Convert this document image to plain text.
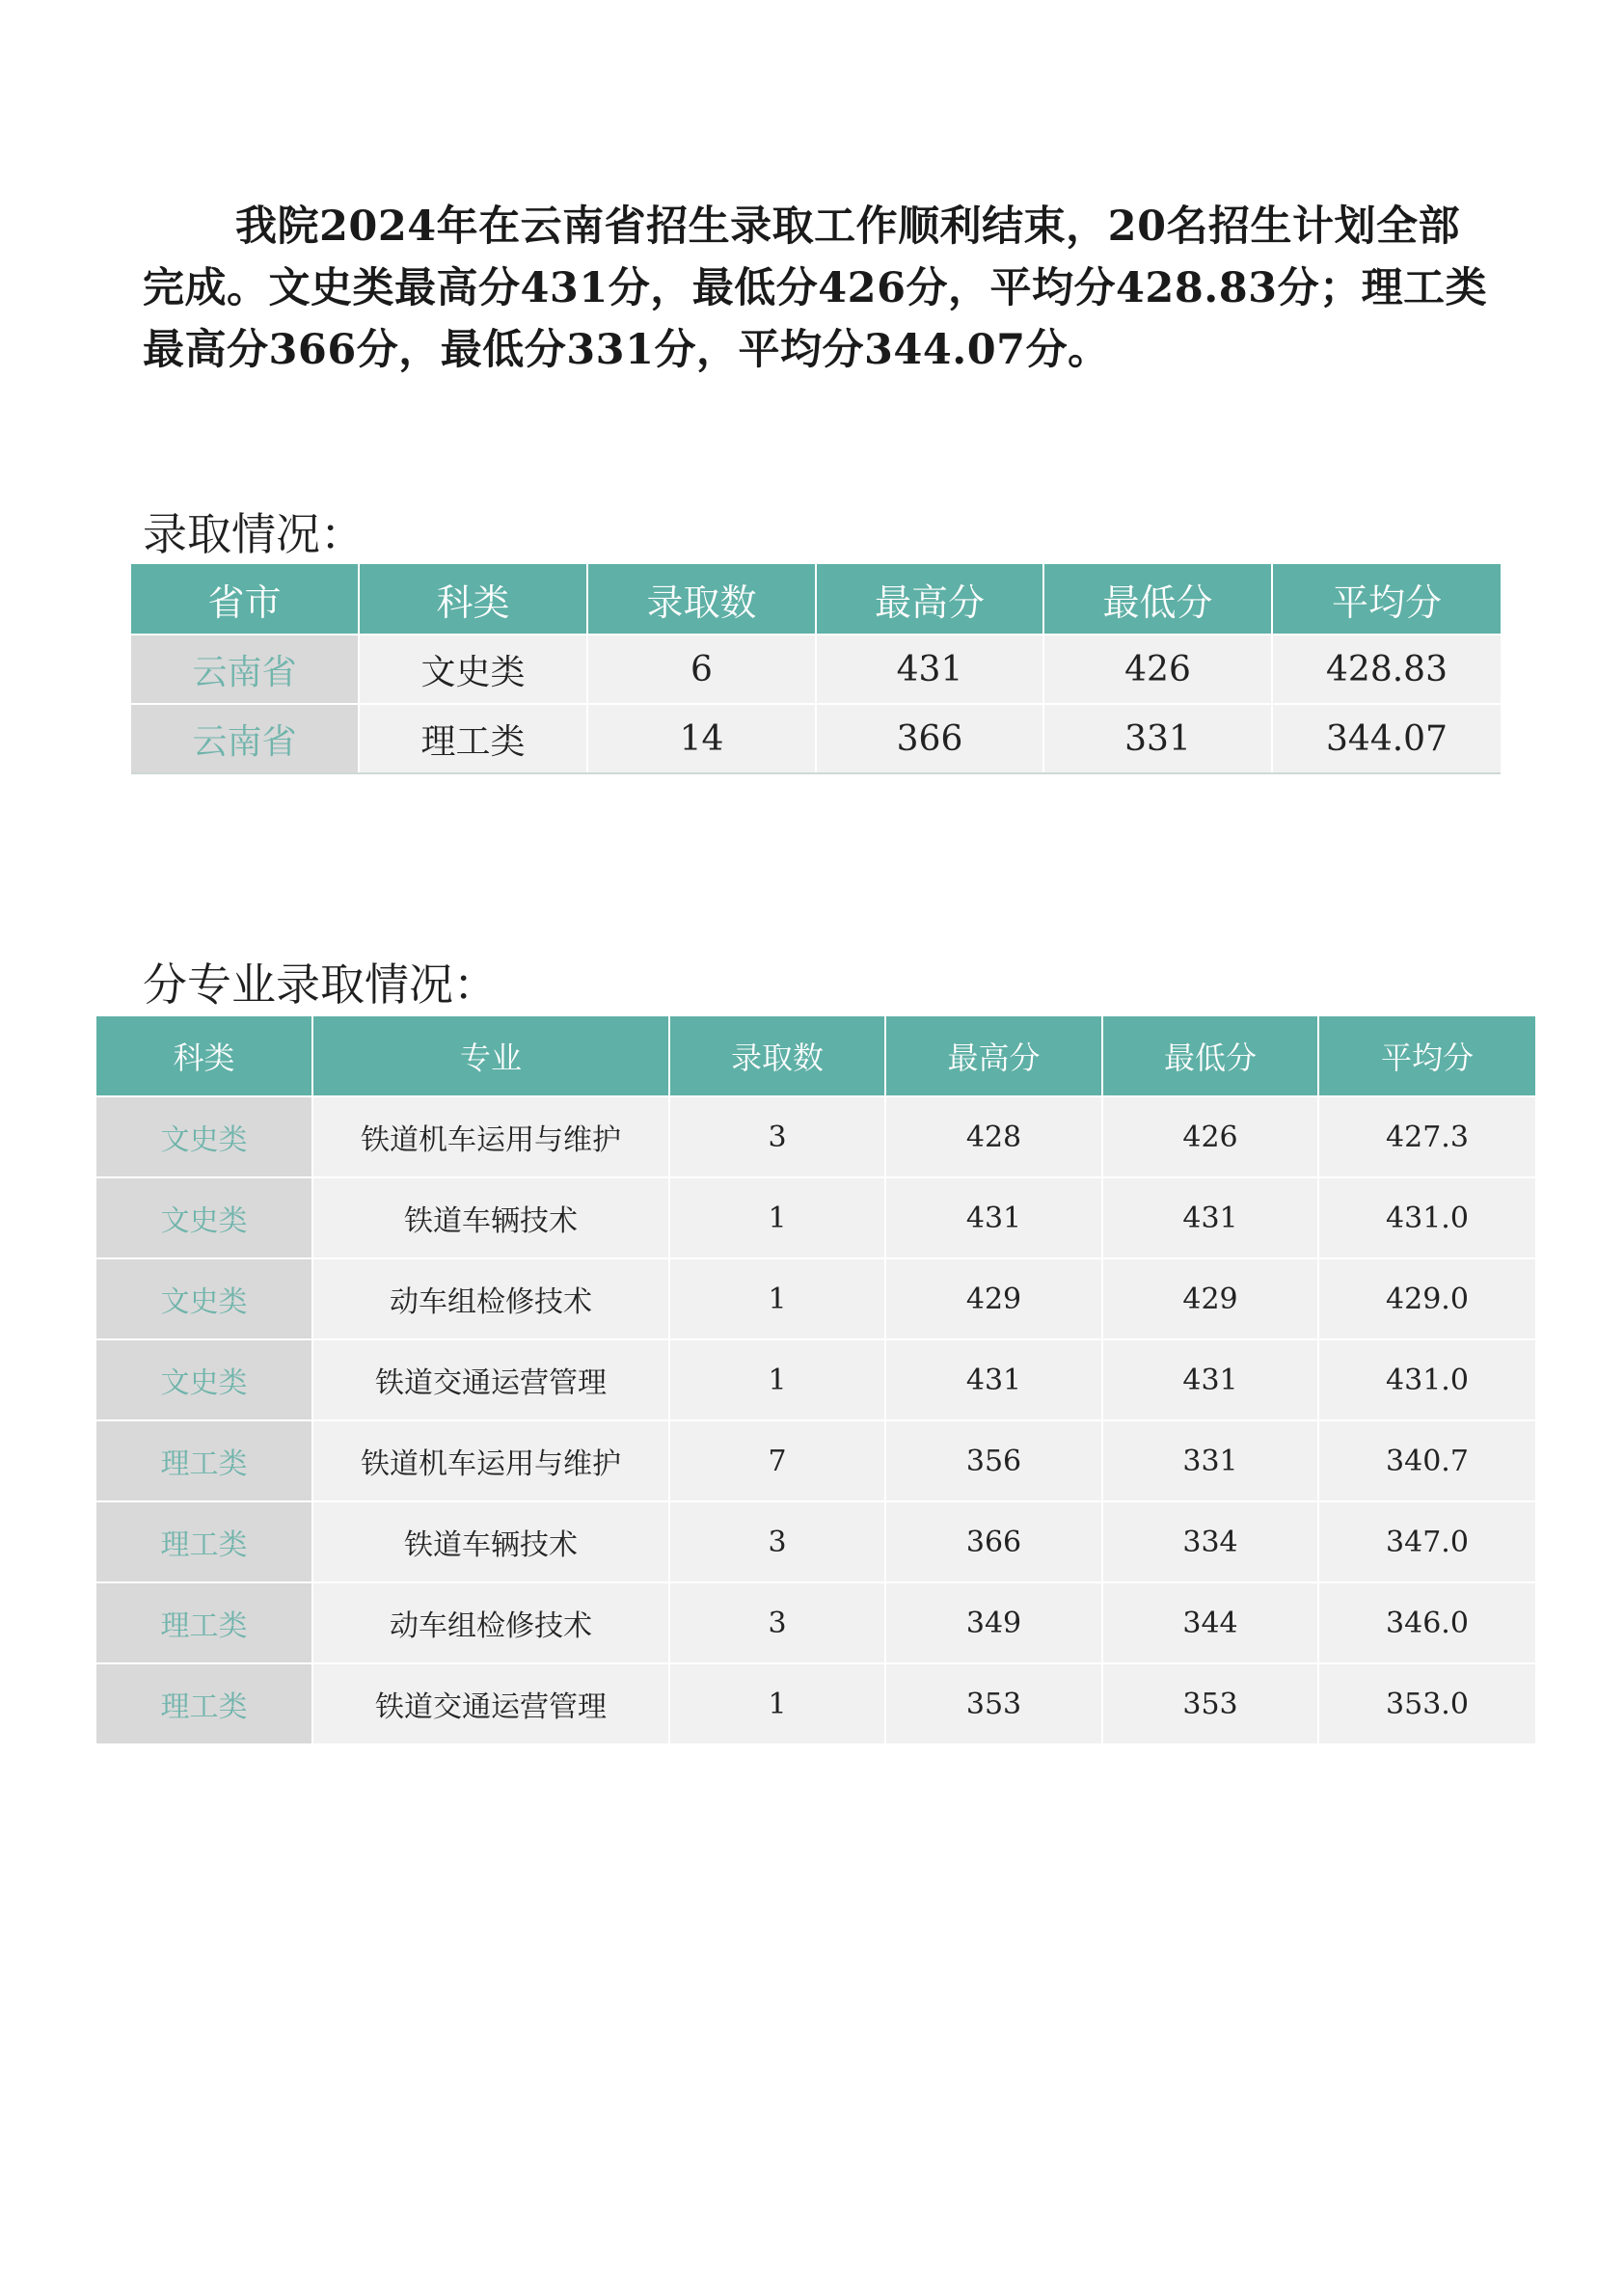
我院2024年在云南省招生录取工作顺利结束，20名招生计划全部完成。文史类最高分431分，最低分426分，平均分428.83分；理工类最高分366分，最低分331分，平均分344.07分。
录取情况：
省市	科类	录取数	最高分	最低分	平均分
云南省	文史类	6	431	426	428.83
云南省	理工类	14	366	331	344.07
分专业录取情况：
科类	专业	录取数	最高分	最低分	平均分
文史类	铁道机车运用与维护	3	428	426	427.3
文史类	铁道车辆技术	1	431	431	431.0
文史类	动车组检修技术	1	429	429	429.0
文史类	铁道交通运营管理	1	431	431	431.0
理工类	铁道机车运用与维护	7	356	331	340.7
理工类	铁道车辆技术	3	366	334	347.0
理工类	动车组检修技术	3	349	344	346.0
理工类	铁道交通运营管理	1	353	353	353.0
